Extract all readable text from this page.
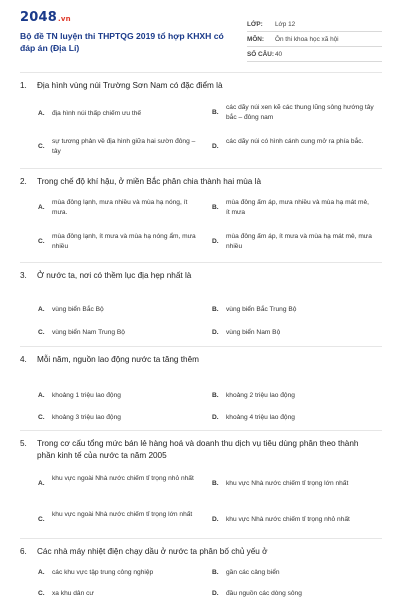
2048.vn
Bộ đề TN luyện thi THPTQG 2019 tổ hợp KHXH có đáp án (Địa Lí)
LỚP:	Lớp 12
MÔN:	Ôn thi khoa học xã hội
SỐ CÂU: 40
1. Địa hình vùng núi Trường Sơn Nam có đặc điểm là
A. địa hình núi thấp chiếm ưu thế	B.
các dãy núi xen kẽ các thung lũng sông hướng tây bắc – đông nam
C.
sự tương phản về địa hình giữa hai sườn đông – tây
D.
các dãy núi có hình cánh cung mở ra phía bắc.
2. Trong chế độ khí hậu, ở miền Bắc phân chia thành hai mùa là
A.
mùa đông lạnh, mưa nhiều và mùa hạ nóng, ít mưa.
B.
mùa đông ấm áp, mưa nhiều và mùa hạ mát mẻ, ít mưa
C.
mùa đông lạnh, ít mưa và mùa hạ nóng ẩm, mưa nhiều
D.
mùa đông ấm áp, ít mưa và mùa hạ mát mẻ, mưa nhiều
3. Ở nước ta, nơi có thềm lục địa hẹp nhất là
A. vùng biển Bắc Bộ	B. vùng biển Bắc Trung Bộ
C. vùng biển Nam Trung Bộ	D. vùng biển Nam Bộ
4. Mỗi năm, nguồn lao động nước ta tăng thêm
A. khoảng 1 triệu lao động	B. khoảng 2 triệu lao động
C. khoảng 3 triệu lao động	D. khoảng 4 triệu lao động
5. Trong cơ cấu tổng mức bán lẻ hàng hoá và doanh thu dịch vụ tiêu dùng phân theo thành phần kinh tế của nước ta năm 2005
A.
khu vực ngoài Nhà nước chiếm tỉ trọng nhỏ nhất
B. khu vực Nhà nước chiếm tỉ trọng lớn nhất
C.
khu vực ngoài Nhà nước chiếm tỉ trọng lớn nhất
D. khu vực Nhà nước chiếm tỉ trọng nhỏ nhất
6. Các nhà máy nhiệt điện chạy dầu ở nước ta phân bố chủ yếu ở
A. các khu vực tập trung công nghiệp	B. gần các cảng biển
C. xa khu dân cư	D. đầu nguồn các dòng sông
